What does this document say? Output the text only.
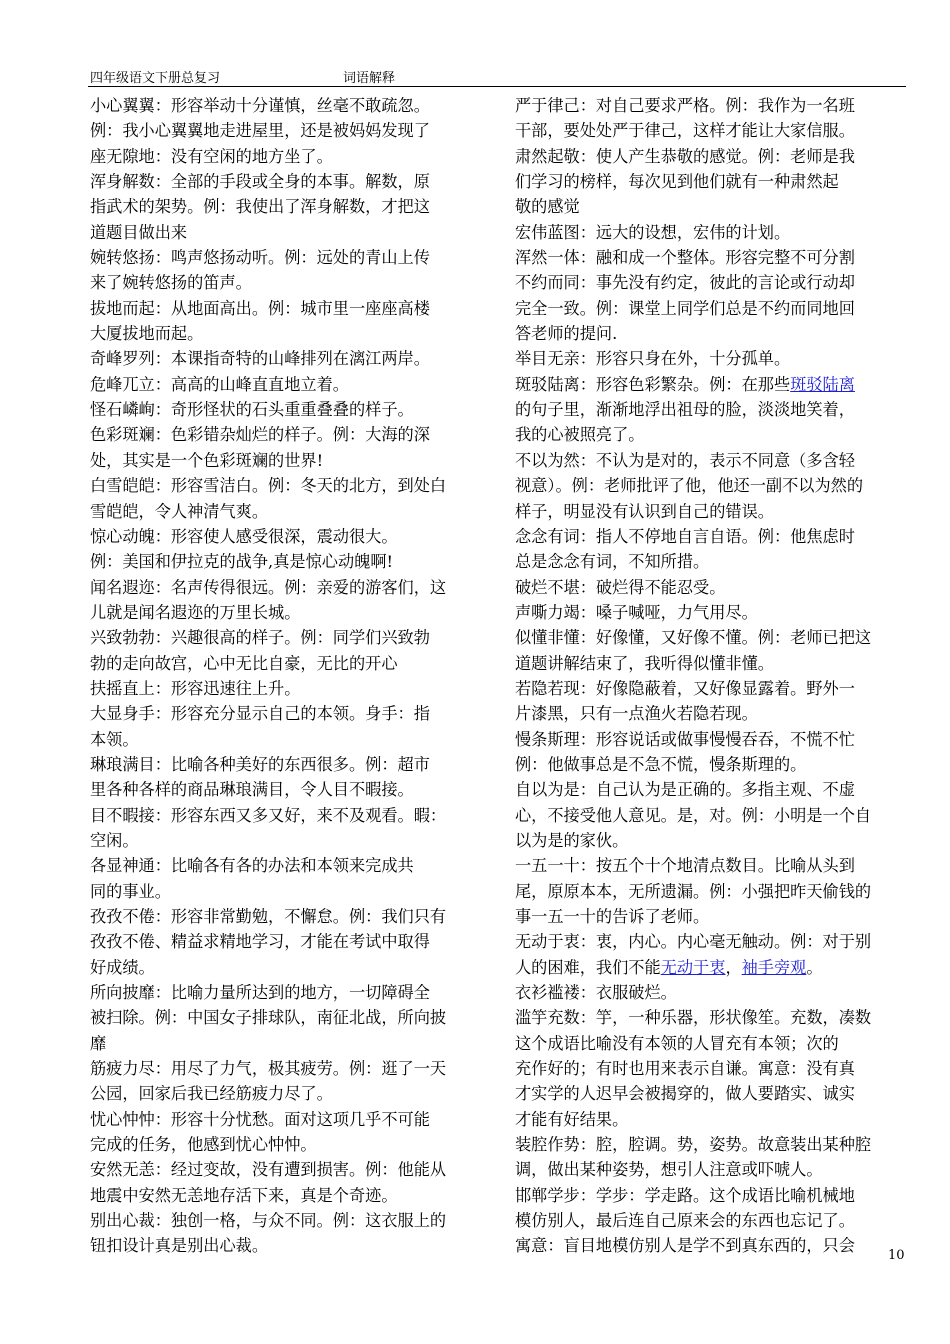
四年级语文下册总复习	词语解释
小心翼翼：形容举动十分谨慎，丝毫不敢疏忽。
例：我小心翼翼地走进屋里，还是被妈妈发现了
座无隙地：没有空闲的地方坐了。
浑身解数：全部的手段或全身的本事。解数，原
指武术的架势。例：我使出了浑身解数，才把这
道题目做出来
婉转悠扬：鸣声悠扬动听。例：远处的青山上传
来了婉转悠扬的笛声。
拔地而起：从地面高出。例：城市里一座座高楼
大厦拔地而起。
奇峰罗列：本课指奇特的山峰排列在漓江两岸。
危峰兀立：高高的山峰直直地立着。
怪石嶙峋：奇形怪状的石头重重叠叠的样子。
色彩斑斓：色彩错杂灿烂的样子。例：大海的深
处，其实是一个色彩斑斓的世界!
白雪皑皑：形容雪洁白。例：冬天的北方，到处白
雪皑皑，令人神清气爽。
惊心动魄：形容使人感受很深，震动很大。
例：美国和伊拉克的战争,真是惊心动魄啊!
闻名遐迩：名声传得很远。例：亲爱的游客们，这
儿就是闻名遐迩的万里长城。
兴致勃勃：兴趣很高的样子。例：同学们兴致勃
勃的走向故宫，心中无比自豪，无比的开心
扶摇直上：形容迅速往上升。
大显身手：形容充分显示自己的本领。身手：指
本领。
琳琅满目：比喻各种美好的东西很多。例：超市
里各种各样的商品琳琅满目，令人目不暇接。
目不暇接：形容东西又多又好，来不及观看。暇：
空闲。
各显神通：比喻各有各的办法和本领来完成共
同的事业。
孜孜不倦：形容非常勤勉，不懈怠。例：我们只有
孜孜不倦、精益求精地学习，才能在考试中取得
好成绩。
所向披靡：比喻力量所达到的地方，一切障碍全
被扫除。例：中国女子排球队，南征北战，所向披
靡
筋疲力尽：用尽了力气，极其疲劳。例：逛了一天
公园，回家后我已经筋疲力尽了。
忧心忡忡：形容十分忧愁。面对这项几乎不可能
完成的任务，他感到忧心忡忡。
安然无恙：经过变故，没有遭到损害。例：他能从
地震中安然无恙地存活下来，真是个奇迹。
别出心裁：独创一格，与众不同。例：这衣服上的
钮扣设计真是别出心裁。
严于律己：对自己要求严格。例：我作为一名班
干部，要处处严于律己，这样才能让大家信服。
肃然起敬：使人产生恭敬的感觉。例：老师是我
们学习的榜样，每次见到他们就有一种肃然起
敬的感觉
宏伟蓝图：远大的设想，宏伟的计划。
浑然一体：融和成一个整体。形容完整不可分割
不约而同：事先没有约定，彼此的言论或行动却
完全一致。例：课堂上同学们总是不约而同地回
答老师的提问.
举目无亲：形容只身在外，十分孤单。
斑驳陆离：形容色彩繁杂。例：在那些斑驳陆离
的句子里，渐渐地浮出祖母的脸，淡淡地笑着，
我的心被照亮了。
不以为然：不认为是对的，表示不同意（多含轻
视意）。例：老师批评了他，他还一副不以为然的
样子，明显没有认识到自己的错误。
念念有词：指人不停地自言自语。例：他焦虑时
总是念念有词，不知所措。
破烂不堪：破烂得不能忍受。
声嘶力竭：嗓子喊哑，力气用尽。
似懂非懂：好像懂，又好像不懂。例：老师已把这
道题讲解结束了，我听得似懂非懂。
若隐若现：好像隐蔽着，又好像显露着。野外一
片漆黑，只有一点渔火若隐若现。
慢条斯理：形容说话或做事慢慢吞吞，不慌不忙
例：他做事总是不急不慌，慢条斯理的。
自以为是：自己认为是正确的。多指主观、不虚
心，不接受他人意见。是，对。例：小明是一个自
以为是的家伙。
一五一十：按五个十个地清点数目。比喻从头到
尾，原原本本，无所遗漏。例：小强把昨天偷钱的
事一五一十的告诉了老师。
无动于衷：衷，内心。内心毫无触动。例：对于别
人的困难，我们不能无动于衷，袖手旁观。
衣衫褴褛：衣服破烂。
滥竽充数：竽，一种乐器，形状像笙。充数，凑数
这个成语比喻没有本领的人冒充有本领；次的
充作好的；有时也用来表示自谦。寓意：没有真
才实学的人迟早会被揭穿的，做人要踏实、诚实
才能有好结果。
装腔作势：腔，腔调。势，姿势。故意装出某种腔
调，做出某种姿势，想引人注意或吓唬人。
邯郸学步：学步：学走路。这个成语比喻机械地
模仿别人，最后连自己原来会的东西也忘记了。
寓意：盲目地模仿别人是学不到真东西的，只会
10
